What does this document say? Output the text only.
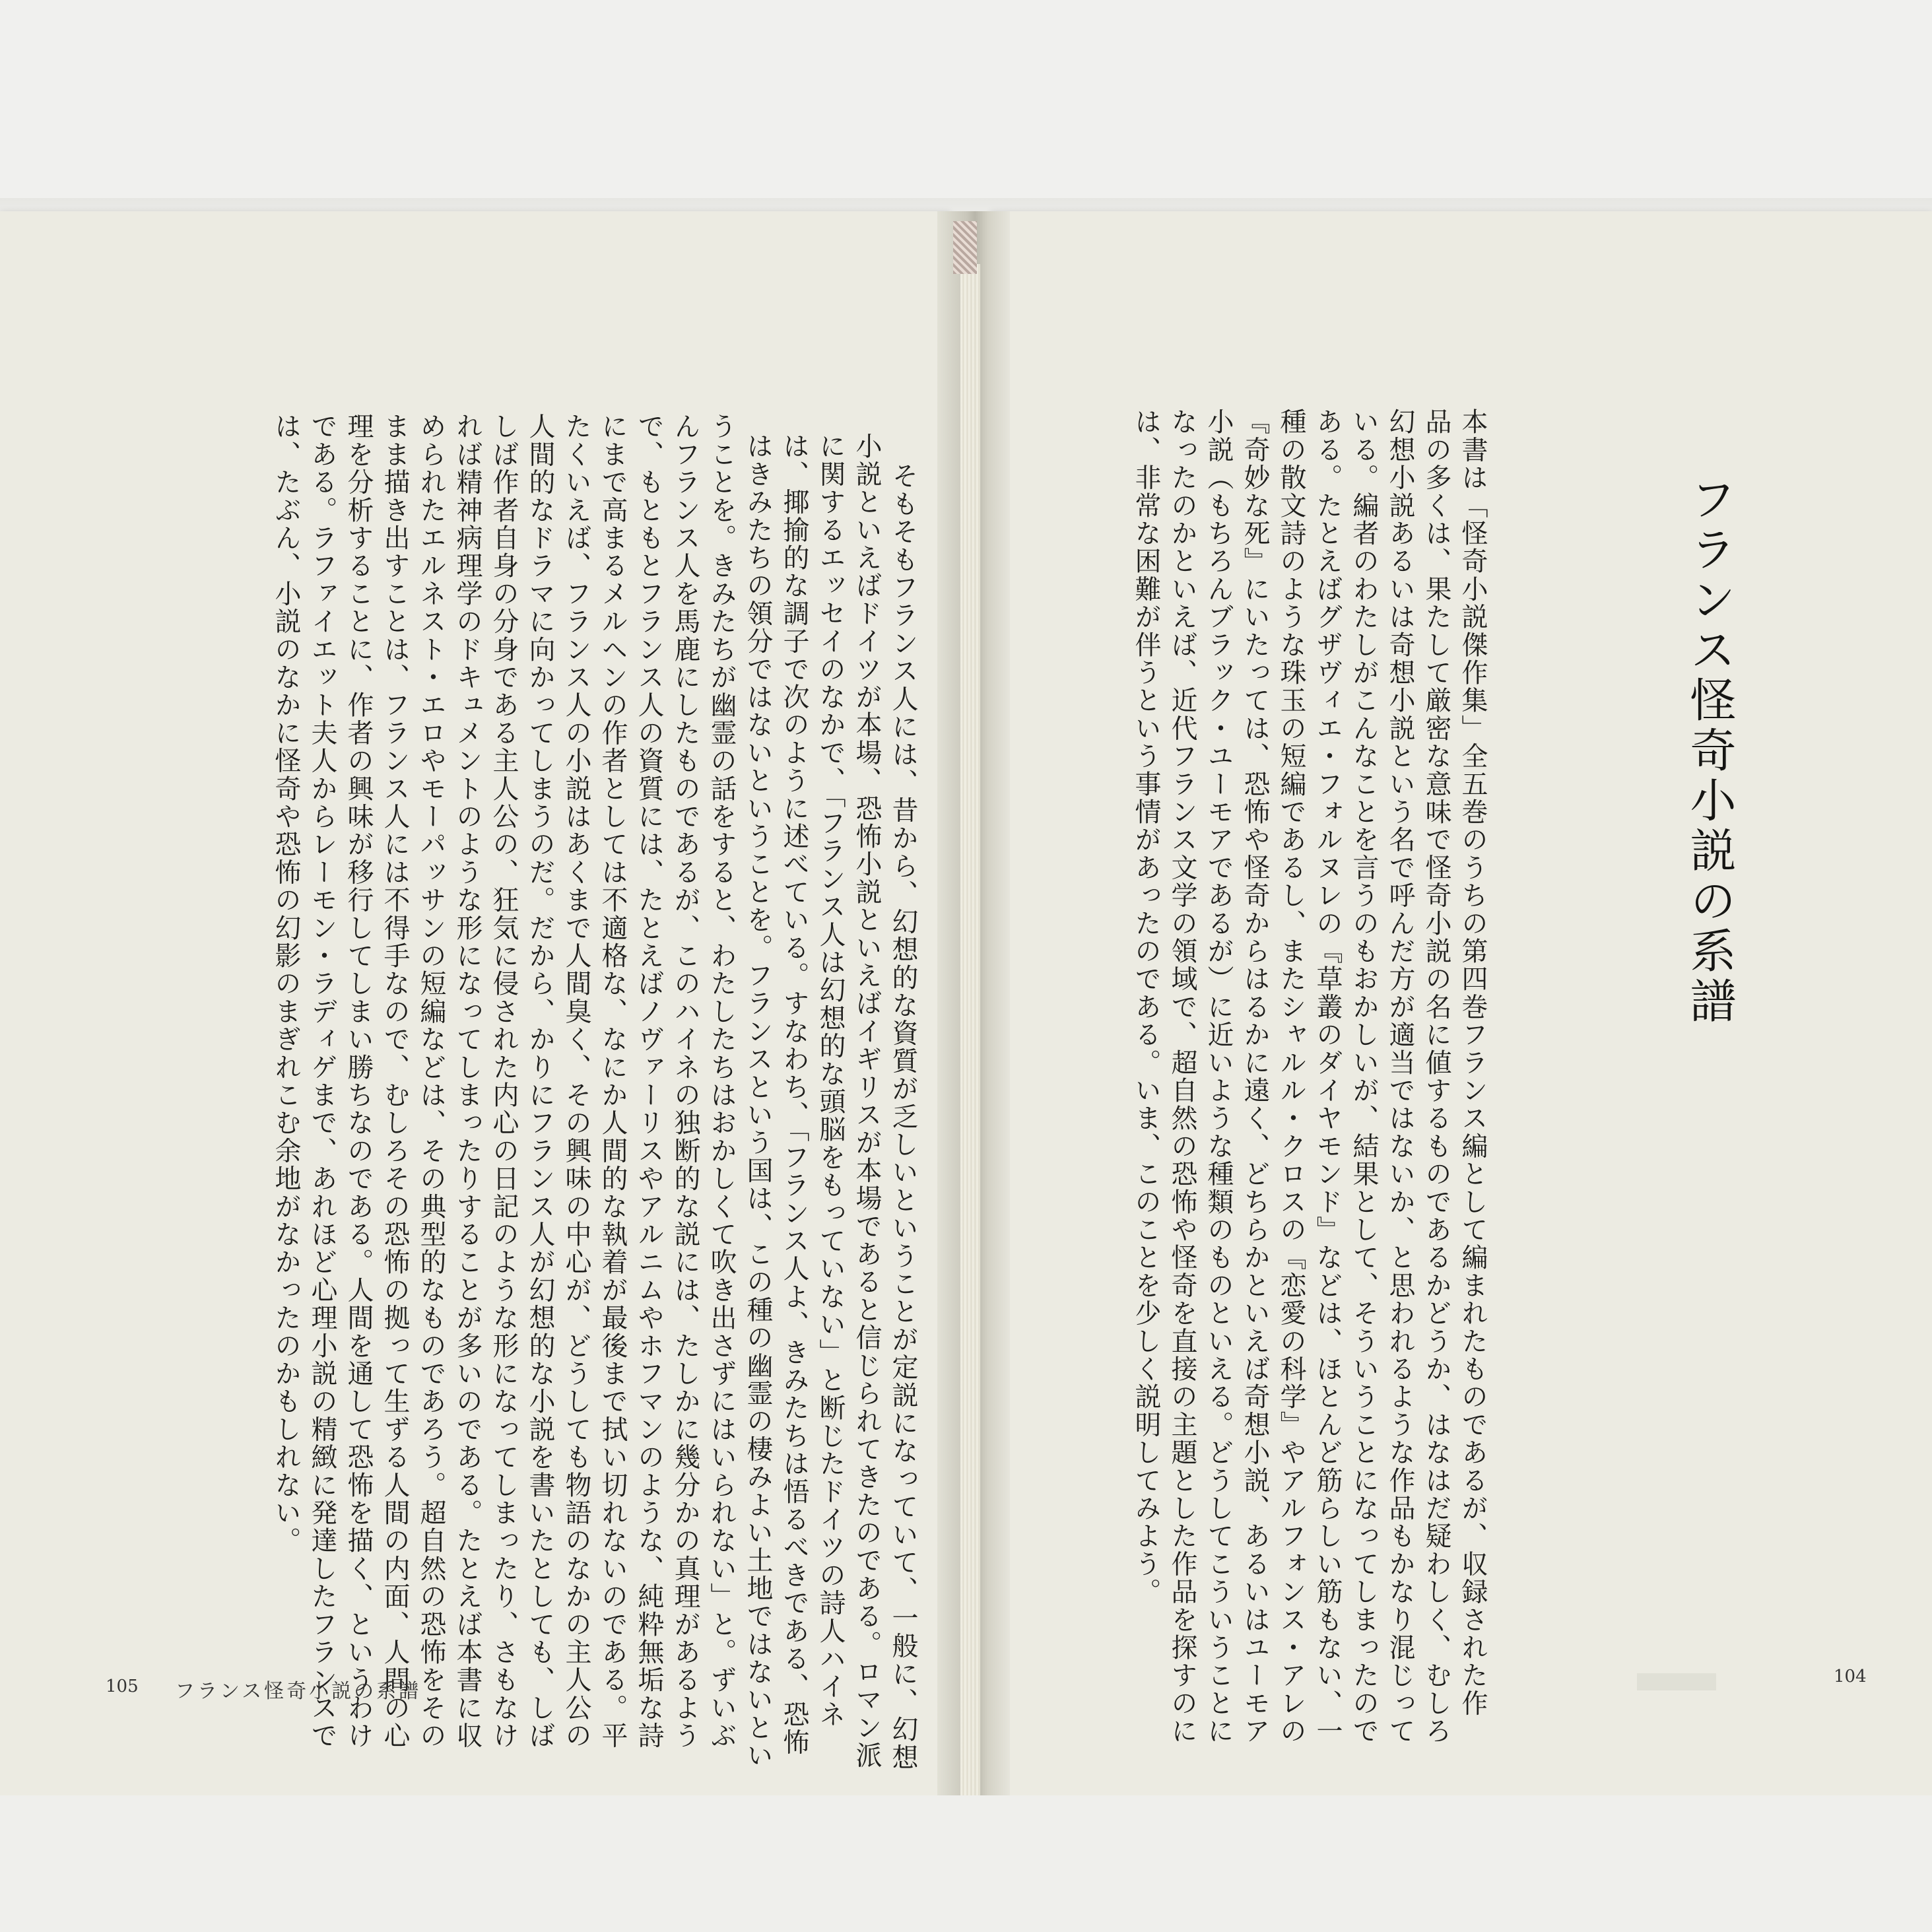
フランス怪奇小説の系譜
本書は「怪奇小説傑作集」全五巻のうちの第四巻フランス編として編まれたものであるが、収録された作
品の多くは、果たして厳密な意味で怪奇小説の名に値するものであるかどうか、はなはだ疑わしく、むしろ
幻想小説あるいは奇想小説という名で呼んだ方が適当ではないか、と思われるような作品もかなり混じって
いる。編者のわたしがこんなことを言うのもおかしいが、結果として、そういうことになってしまったので
ある。たとえばグザヴィエ・フォルヌレの『草叢のダイヤモンド』などは、ほとんど筋らしい筋もない、一
種の散文詩のような珠玉の短編であるし、またシャルル・クロスの『恋愛の科学』やアルフォンス・アレの
『奇妙な死』にいたっては、恐怖や怪奇からはるかに遠く、どちらかといえば奇想小説、あるいはユーモア
小説（もちろんブラック・ユーモアであるが）に近いような種類のものといえる。どうしてこういうことに
なったのかといえば、近代フランス文学の領域で、超自然の恐怖や怪奇を直接の主題とした作品を探すのに
は、非常な困難が伴うという事情があったのである。いま、このことを少しく説明してみよう。
104
そもそもフランス人には、昔から、幻想的な資質が乏しいということが定説になっていて、一般に、幻想
小説といえばドイツが本場、恐怖小説といえばイギリスが本場であると信じられてきたのである。ロマン派
に関するエッセイのなかで、「フランス人は幻想的な頭脳をもっていない」と断じたドイツの詩人ハイネ
は、揶揄的な調子で次のように述べている。すなわち、「フランス人よ、きみたちは悟るべきである、恐怖
はきみたちの領分ではないということを。フランスという国は、この種の幽霊の棲みよい土地ではないとい
うことを。きみたちが幽霊の話をすると、わたしたちはおかしくて吹き出さずにはいられない」と。ずいぶ
んフランス人を馬鹿にしたものであるが、このハイネの独断的な説には、たしかに幾分かの真理があるよう
で、もともとフランス人の資質には、たとえばノヴァーリスやアルニムやホフマンのような、純粋無垢な詩
にまで高まるメルヘンの作者としては不適格な、なにか人間的な執着が最後まで拭い切れないのである。平
たくいえば、フランス人の小説はあくまで人間臭く、その興味の中心が、どうしても物語のなかの主人公の
人間的なドラマに向かってしまうのだ。だから、かりにフランス人が幻想的な小説を書いたとしても、しば
しば作者自身の分身である主人公の、狂気に侵された内心の日記のような形になってしまったり、さもなけ
れば精神病理学のドキュメントのような形になってしまったりすることが多いのである。たとえば本書に収
められたエルネスト・エロやモーパッサンの短編などは、その典型的なものであろう。超自然の恐怖をその
まま描き出すことは、フランス人には不得手なので、むしろその恐怖の拠って生ずる人間の内面、人間の心
理を分析することに、作者の興味が移行してしまい勝ちなのである。人間を通して恐怖を描く、というわけ
である。ラファイエット夫人からレーモン・ラディゲまで、あれほど心理小説の精緻に発達したフランスで
は、たぶん、小説のなかに怪奇や恐怖の幻影のまぎれこむ余地がなかったのかもしれない。
105 フランス怪奇小説の系譜
